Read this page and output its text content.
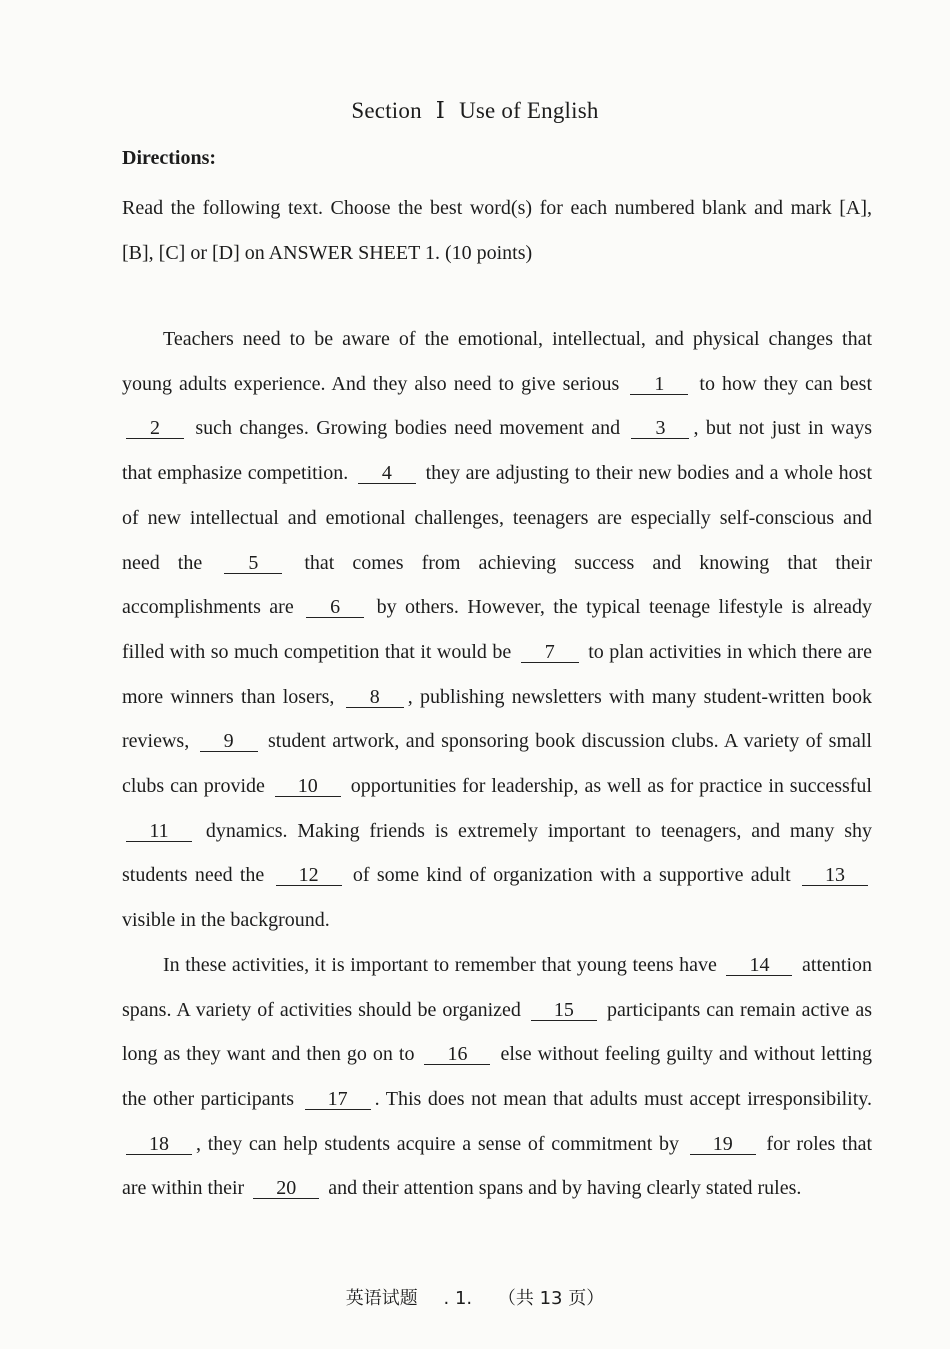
Section Ⅰ Use of English
Directions:
Read the following text. Choose the best word(s) for each numbered blank and mark [A], [B], [C] or [D] on ANSWER SHEET 1. (10 points)

Teachers need to be aware of the emotional, intellectual, and physical changes that young adults experience. And they also need to give serious 1 to how they can best 2 such changes. Growing bodies need movement and 3 , but not just in ways that emphasize competition. 4 they are adjusting to their new bodies and a whole host of new intellectual and emotional challenges, teenagers are especially self-conscious and need the 5 that comes from achieving success and knowing that their accomplishments are 6 by others. However, the typical teenage lifestyle is already filled with so much competition that it would be 7 to plan activities in which there are more winners than losers, 8 , publishing newsletters with many student-written book reviews, 9 student artwork, and sponsoring book discussion clubs. A variety of small clubs can provide 10 opportunities for leadership, as well as for practice in successful 11 dynamics. Making friends is extremely important to teenagers, and many shy students need the 12 of some kind of organization with a supportive adult 13 visible in the background.

In these activities, it is important to remember that young teens have 14 attention spans. A variety of activities should be organized 15 participants can remain active as long as they want and then go on to 16 else without feeling guilty and without letting the other participants 17 . This does not mean that adults must accept irresponsibility. 18 , they can help students acquire a sense of commitment by 19 for roles that are within their 20 and their attention spans and by having clearly stated rules.

英语试题 . 1. （共 13 页）
